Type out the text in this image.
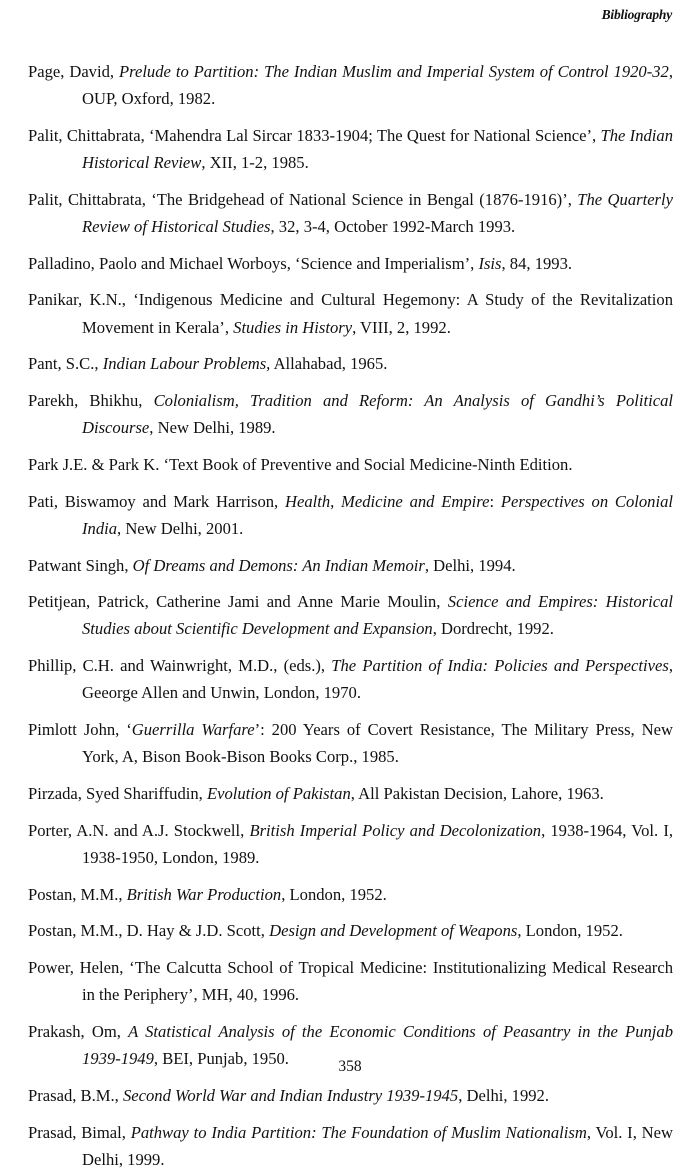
Bibliography

Page, David, Prelude to Partition: The Indian Muslim and Imperial System of Control 1920-32, OUP, Oxford, 1982.

Palit, Chittabrata, ‘Mahendra Lal Sircar 1833-1904; The Quest for National Science’, The Indian Historical Review, XII, 1-2, 1985.

Palit, Chittabrata, ‘The Bridgehead of National Science in Bengal (1876-1916)’, The Quarterly Review of Historical Studies, 32, 3-4, October 1992-March 1993.

Palladino, Paolo and Michael Worboys, ‘Science and Imperialism’, Isis, 84, 1993.

Panikar, K.N., ‘Indigenous Medicine and Cultural Hegemony: A Study of the Revitalization Movement in Kerala’, Studies in History, VIII, 2, 1992.

Pant, S.C., Indian Labour Problems, Allahabad, 1965.

Parekh, Bhikhu, Colonialism, Tradition and Reform: An Analysis of Gandhi’s Political Discourse, New Delhi, 1989.

Park J.E. & Park K. ‘Text Book of Preventive and Social Medicine-Ninth Edition.

Pati, Biswamoy and Mark Harrison, Health, Medicine and Empire: Perspectives on Colonial India, New Delhi, 2001.

Patwant Singh, Of Dreams and Demons: An Indian Memoir, Delhi, 1994.

Petitjean, Patrick, Catherine Jami and Anne Marie Moulin, Science and Empires: Historical Studies about Scientific Development and Expansion, Dordrecht, 1992.

Phillip, C.H. and Wainwright, M.D., (eds.), The Partition of India: Policies and Perspectives, Geeorge Allen and Unwin, London, 1970.

Pimlott John, ‘Guerrilla Warfare’: 200 Years of Covert Resistance, The Military Press, New York, A, Bison Book-Bison Books Corp., 1985.

Pirzada, Syed Shariffudin, Evolution of Pakistan, All Pakistan Decision, Lahore, 1963.

Porter, A.N. and A.J. Stockwell, British Imperial Policy and Decolonization, 1938-1964, Vol. I, 1938-1950, London, 1989.

Postan, M.M., British War Production, London, 1952.

Postan, M.M., D. Hay & J.D. Scott, Design and Development of Weapons, London, 1952.

Power, Helen, ‘The Calcutta School of Tropical Medicine: Institutionalizing Medical Research in the Periphery’, MH, 40, 1996.

Prakash, Om, A Statistical Analysis of the Economic Conditions of Peasantry in the Punjab 1939-1949, BEI, Punjab, 1950.

Prasad, B.M., Second World War and Indian Industry 1939-1945, Delhi, 1992.

Prasad, Bimal, Pathway to India Partition: The Foundation of Muslim Nationalism, Vol. I, New Delhi, 1999.

358
